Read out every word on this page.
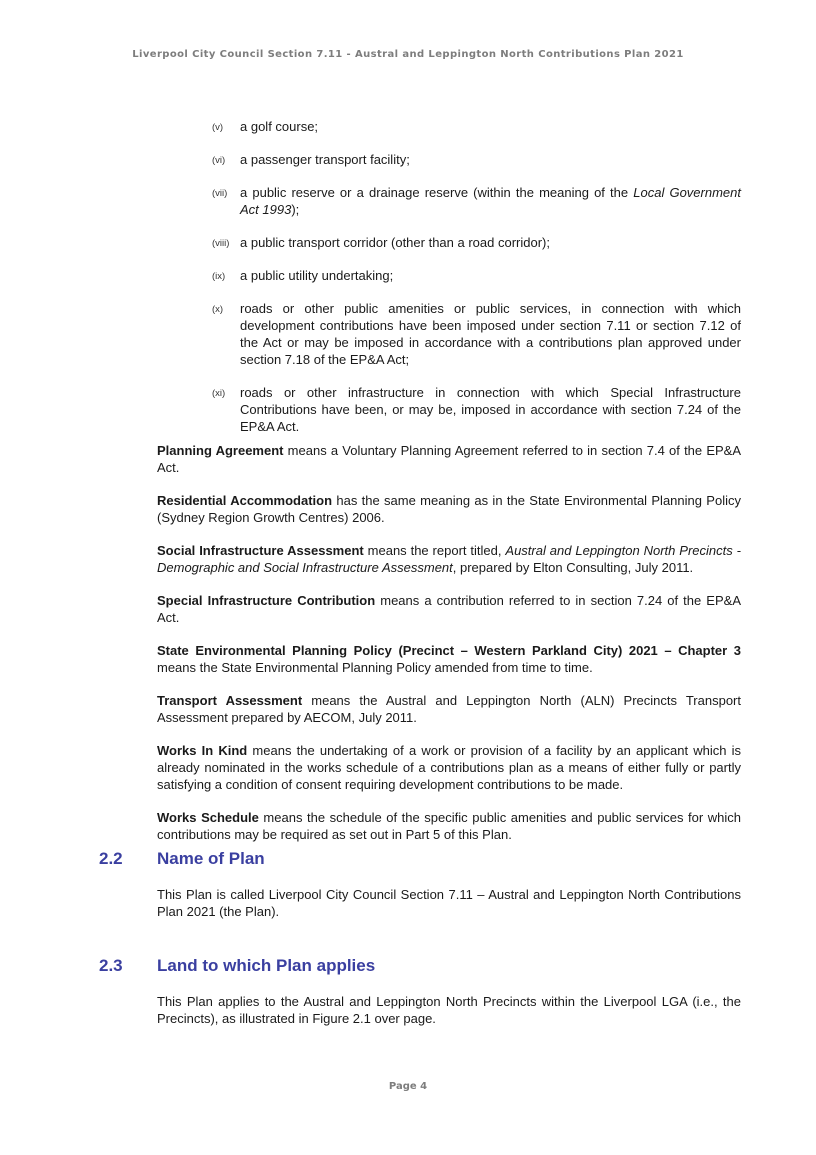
Liverpool City Council Section 7.11 - Austral and Leppington North Contributions Plan 2021
(v) a golf course;
(vi) a passenger transport facility;
(vii) a public reserve or a drainage reserve (within the meaning of the Local Government Act 1993);
(viii) a public transport corridor (other than a road corridor);
(ix) a public utility undertaking;
(x) roads or other public amenities or public services, in connection with which development contributions have been imposed under section 7.11 or section 7.12 of the Act or may be imposed in accordance with a contributions plan approved under section 7.18 of the EP&A Act;
(xi) roads or other infrastructure in connection with which Special Infrastructure Contributions have been, or may be, imposed in accordance with section 7.24 of the EP&A Act.

Planning Agreement means a Voluntary Planning Agreement referred to in section 7.4 of the EP&A Act.

Residential Accommodation has the same meaning as in the State Environmental Planning Policy (Sydney Region Growth Centres) 2006.

Social Infrastructure Assessment means the report titled, Austral and Leppington North Precincts - Demographic and Social Infrastructure Assessment, prepared by Elton Consulting, July 2011.

Special Infrastructure Contribution means a contribution referred to in section 7.24 of the EP&A Act.

State Environmental Planning Policy (Precinct – Western Parkland City) 2021 – Chapter 3 means the State Environmental Planning Policy amended from time to time.

Transport Assessment means the Austral and Leppington North (ALN) Precincts Transport Assessment prepared by AECOM, July 2011.

Works In Kind means the undertaking of a work or provision of a facility by an applicant which is already nominated in the works schedule of a contributions plan as a means of either fully or partly satisfying a condition of consent requiring development contributions to be made.

Works Schedule means the schedule of the specific public amenities and public services for which contributions may be required as set out in Part 5 of this Plan.

2.2 Name of Plan
This Plan is called Liverpool City Council Section 7.11 – Austral and Leppington North Contributions Plan 2021 (the Plan).
2.3 Land to which Plan applies
This Plan applies to the Austral and Leppington North Precincts within the Liverpool LGA (i.e., the Precincts), as illustrated in Figure 2.1 over page.
Page 4
